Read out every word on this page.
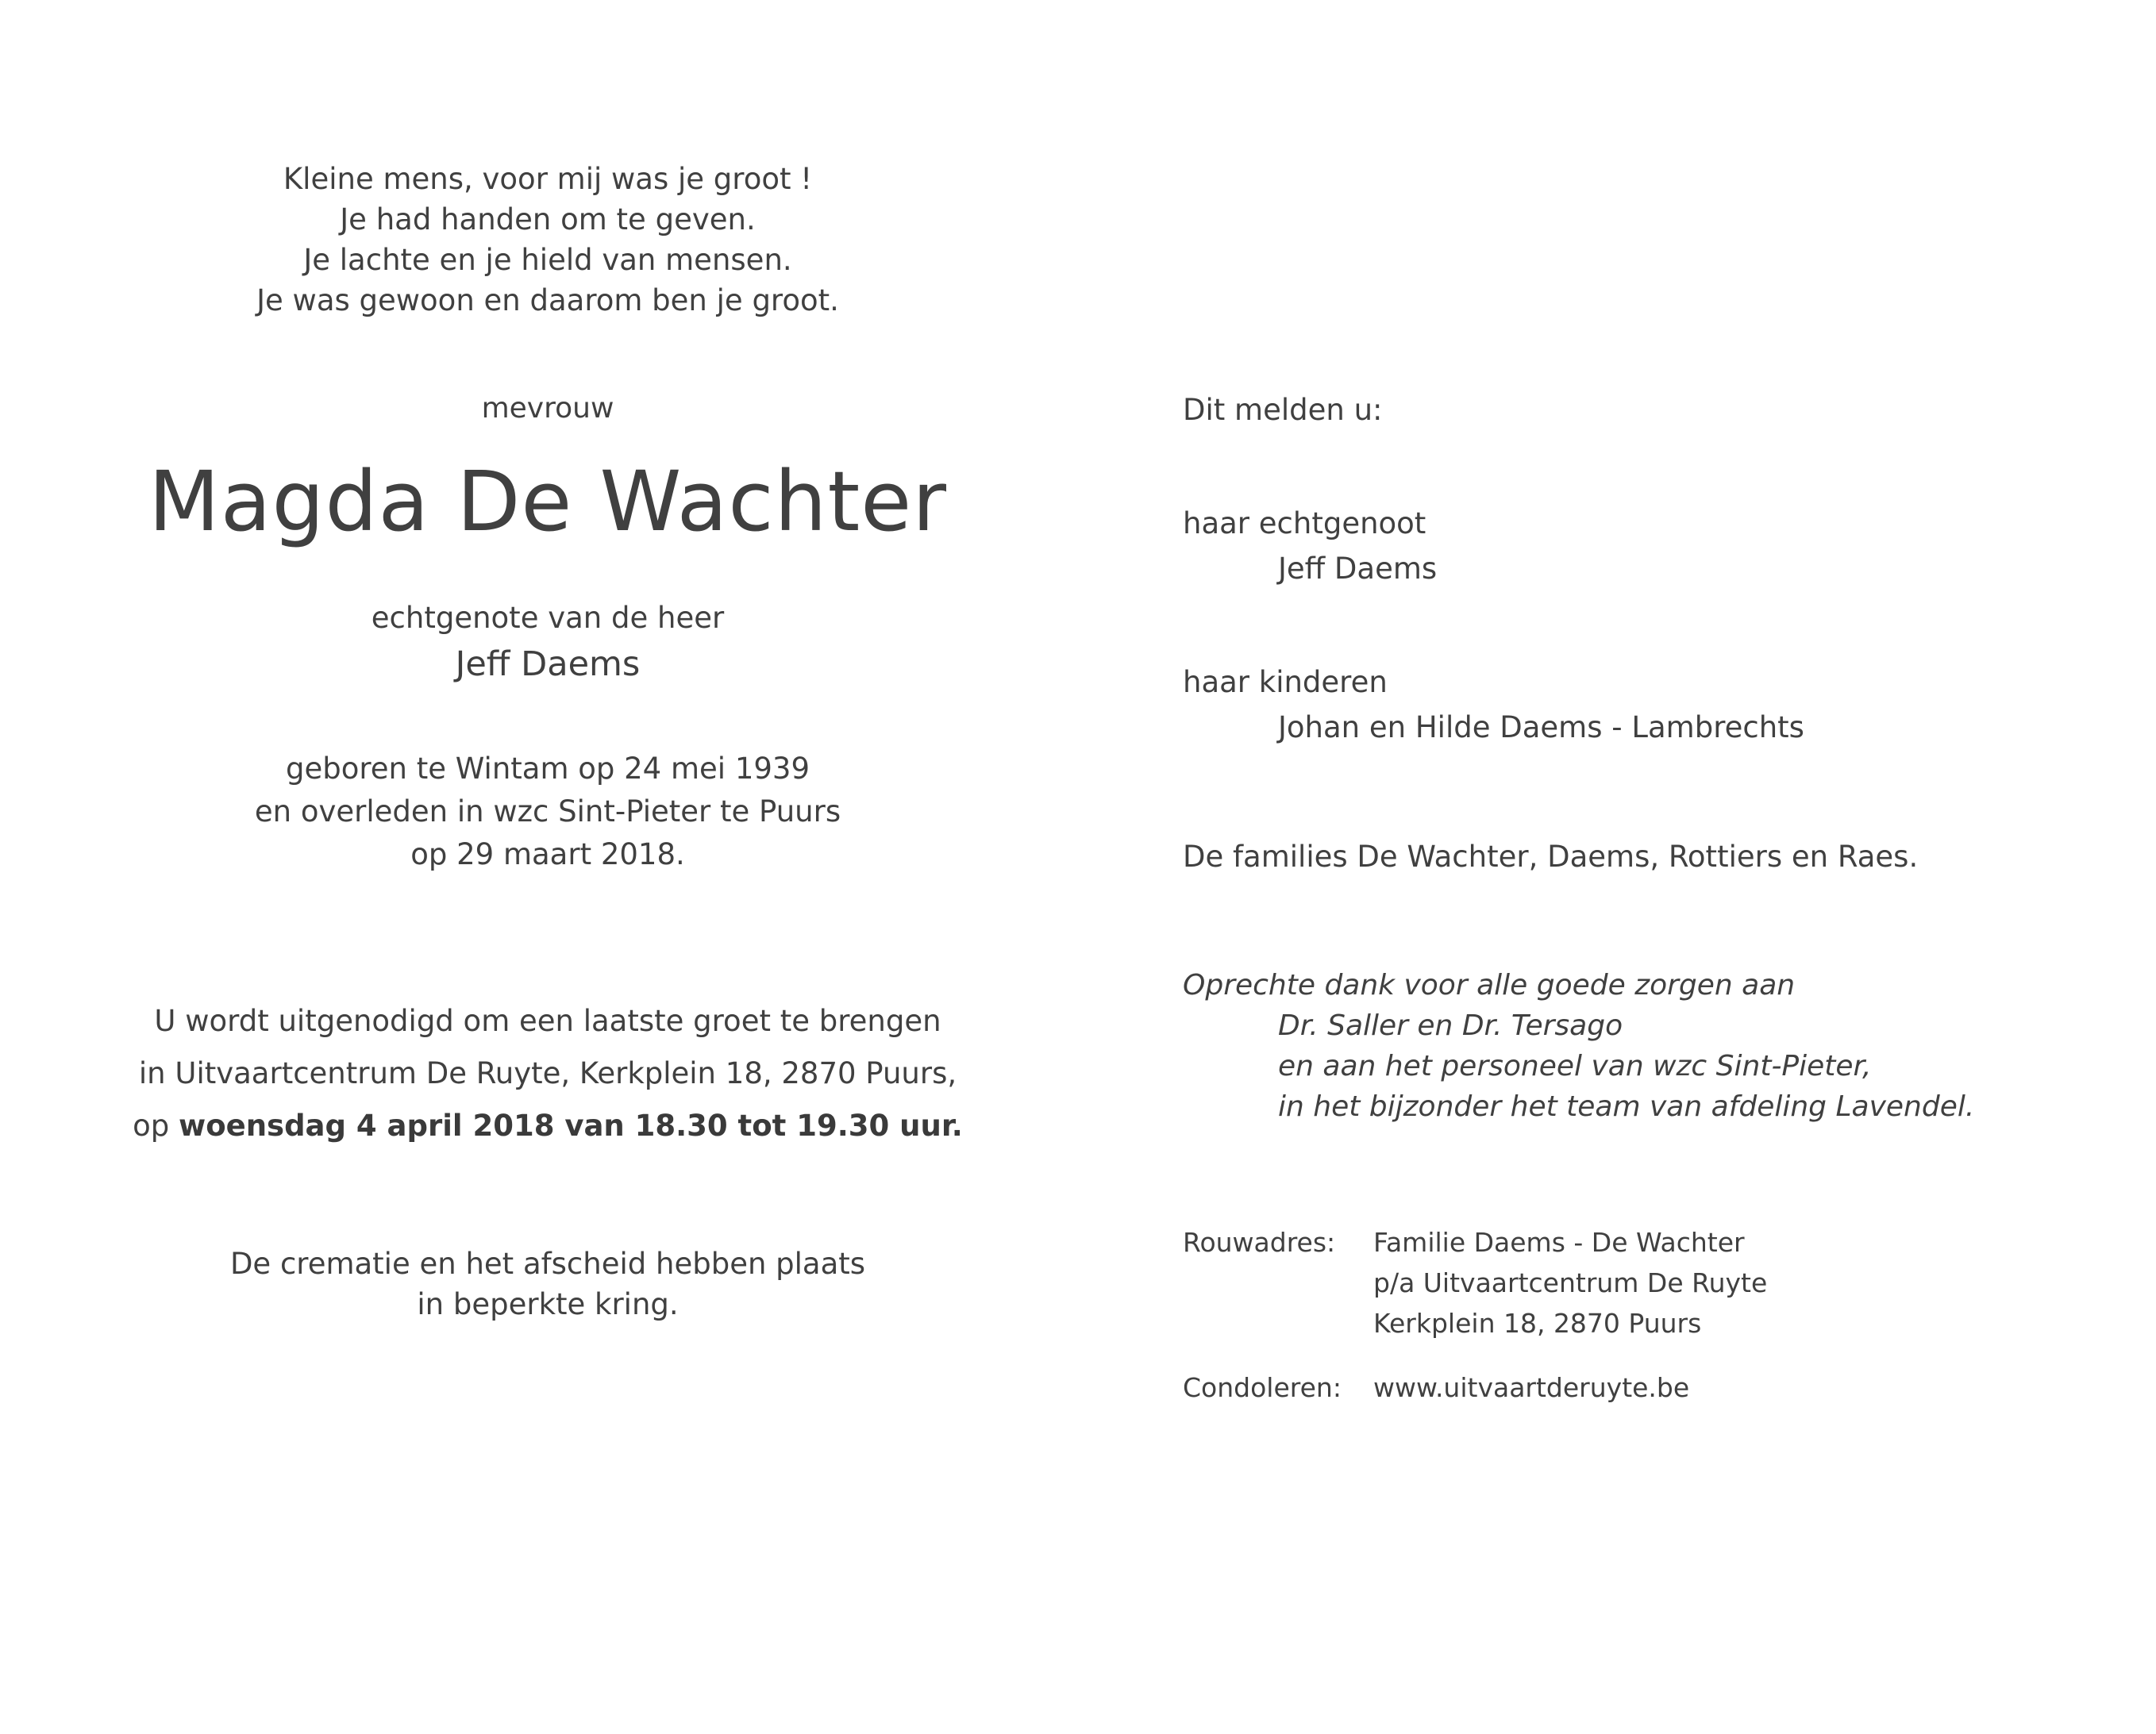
Kleine mens, voor mij was je groot !
Je had handen om te geven.
Je lachte en je hield van mensen.
Je was gewoon en daarom ben je groot.
mevrouw
Magda De Wachter
echtgenote van de heer
Jeff Daems
geboren te Wintam op 24 mei 1939
en overleden in wzc Sint-Pieter te Puurs
op 29 maart 2018.
U wordt uitgenodigd om een laatste groet te brengen
in Uitvaartcentrum De Ruyte, Kerkplein 18, 2870 Puurs,
op woensdag 4 april 2018 van 18.30 tot 19.30 uur.
De crematie en het afscheid hebben plaats
in beperkte kring.
Dit melden u:
haar echtgenoot
Jeff Daems
haar kinderen
Johan en Hilde Daems - Lambrechts
De families De Wachter, Daems, Rottiers en Raes.
Oprechte dank voor alle goede zorgen aan
Dr. Saller en Dr. Tersago
en aan het personeel van wzc Sint-Pieter,
in het bijzonder het team van afdeling Lavendel.
Rouwadres:	Familie Daems - De Wachter
p/a Uitvaartcentrum De Ruyte
Kerkplein 18, 2870 Puurs
Condoleren:	www.uitvaartderuyte.be
